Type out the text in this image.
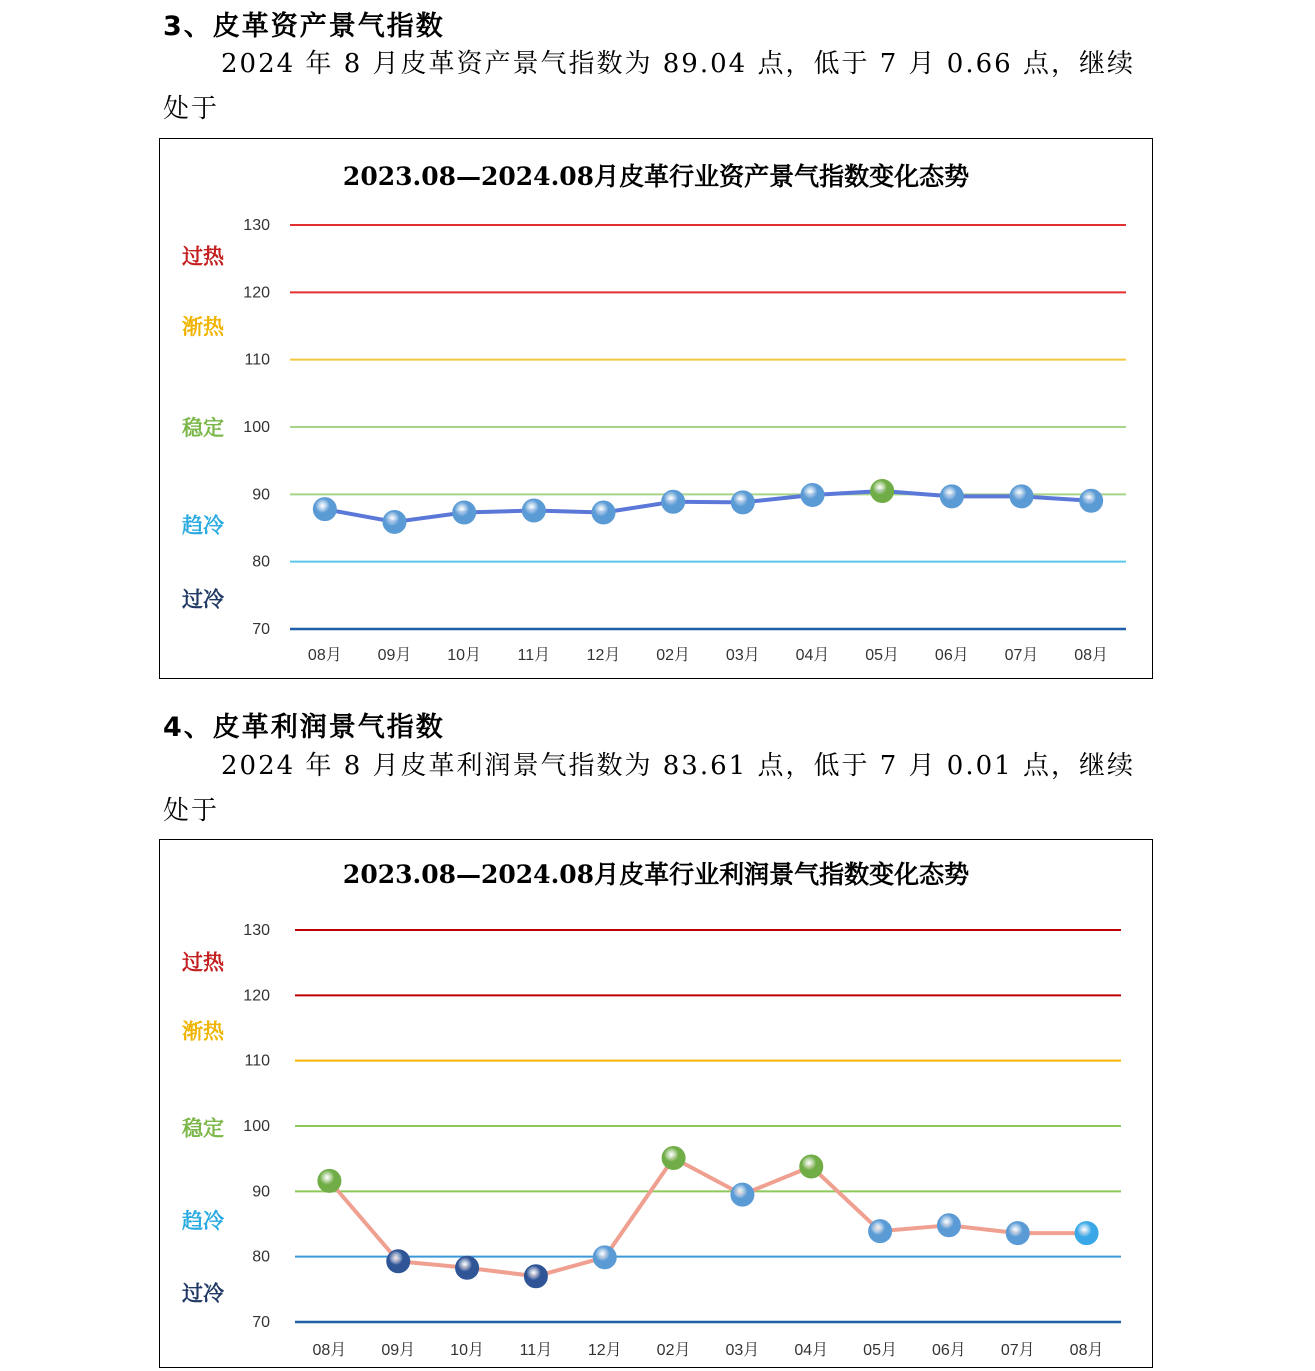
3、皮革资产景气指数
2024 年 8 月皮革资产景气指数为 89.04 点，低于 7 月 0.66 点，继续处于
2023.08—2024.08月皮革行业资产景气指数变化态势
70
80
90
100
110
120
130
过热
渐热
稳定
趋冷
过冷
08月 09月 10月 11月 12月 02月 03月 04月 05月 06月 07月 08月
4、皮革利润景气指数
2024 年 8 月皮革利润景气指数为 83.61 点，低于 7 月 0.01 点，继续处于
2023.08—2024.08月皮革行业利润景气指数变化态势
70
80
90
100
110
120
130
过热
渐热
稳定
趋冷
过冷
08月 09月 10月 11月 12月 02月 03月 04月 05月 06月 07月 08月
